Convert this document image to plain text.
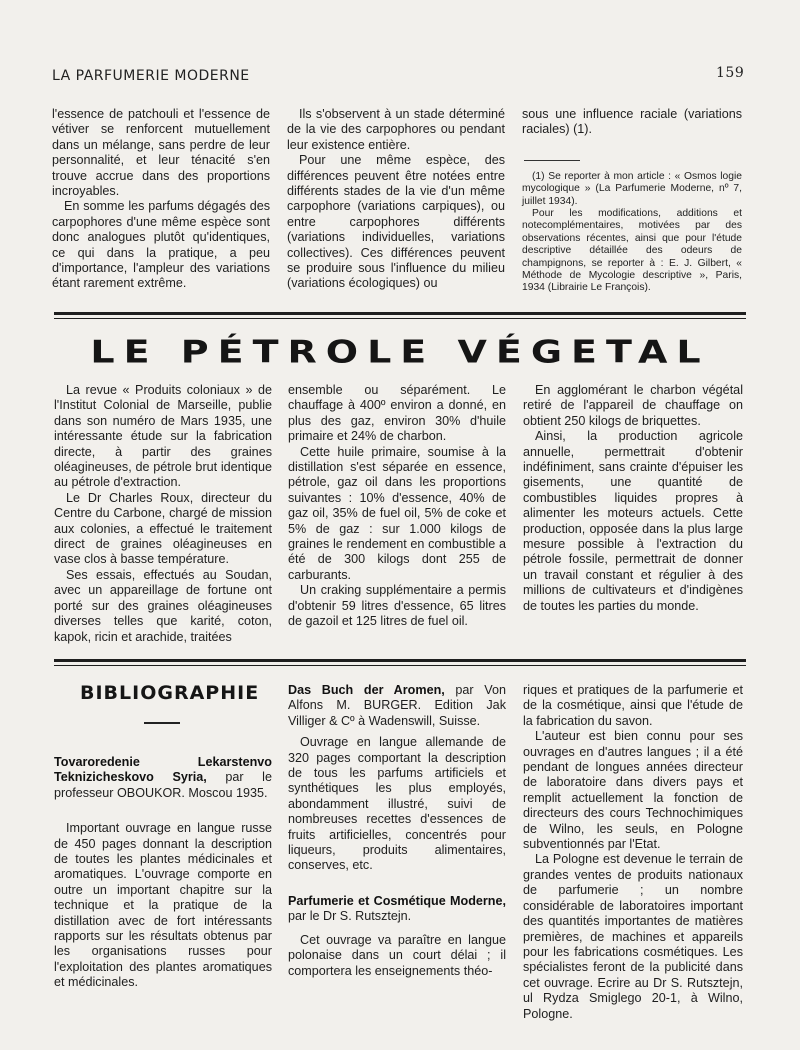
LA PARFUMERIE MODERNE	159

l'essence de patchouli et l'essence de vétiver se renforcent mutuellement dans un mélange, sans perdre de leur personnalité, et leur ténacité s'en trouve accrue dans des proportions incroyables.

En somme les parfums dégagés des carpophores d'une même espèce sont donc analogues plutôt qu'identiques, ce qui dans la pratique, a peu d'importance, l'ampleur des variations étant rarement extrême.

Ils s'observent à un stade déterminé de la vie des carpophores ou pendant leur existence entière.

Pour une même espèce, des différences peuvent être notées entre différents stades de la vie d'un même carpophore (variations carpiques), ou entre carpophores différents (variations individuelles, variations collectives). Ces différences peuvent se produire sous l'influence du milieu (variations écologiques) ou

sous une influence raciale (variations raciales) (1).

(1) Se reporter à mon article : « Osmos logie mycologique » (La Parfumerie Moderne, nº 7, juillet 1934).

Pour les modifications, additions et notecomplémentaires, motivées par des observations récentes, ainsi que pour l'étude descriptive détaillée des odeurs de champignons, se reporter à : E. J. Gilbert, « Méthode de Mycologie descriptive », Paris, 1934 (Librairie Le François).

LE PÉTROLE VÉGETAL

La revue « Produits coloniaux » de l'Institut Colonial de Marseille, publie dans son numéro de Mars 1935, une intéressante étude sur la fabrication directe, à partir des graines oléagineuses, de pétrole brut identique au pétrole d'extraction.

Le Dr Charles Roux, directeur du Centre du Carbone, chargé de mission aux colonies, a effectué le traitement direct de graines oléagineuses en vase clos à basse température.

Ses essais, effectués au Soudan, avec un appareillage de fortune ont porté sur des graines oléagineuses diverses telles que karité, coton, kapok, ricin et arachide, traitées

ensemble ou séparément. Le chauffage à 400º environ a donné, en plus des gaz, environ 30% d'huile primaire et 24% de charbon.

Cette huile primaire, soumise à la distillation s'est séparée en essence, pétrole, gaz oil dans les proportions suivantes : 10% d'essence, 40% de gaz oil, 35% de fuel oil, 5% de coke et 5% de gaz : sur 1.000 kilogs de graines le rendement en combustible a été de 300 kilogs dont 255 de carburants.

Un craking supplémentaire a permis d'obtenir 59 litres d'essence, 65 litres de gazoil et 125 litres de fuel oil.

En agglomérant le charbon végétal retiré de l'appareil de chauffage on obtient 250 kilogs de briquettes.

Ainsi, la production agricole annuelle, permettrait d'obtenir indéfiniment, sans crainte d'épuiser les gisements, une quantité de combustibles liquides propres à alimenter les moteurs actuels. Cette production, opposée dans la plus large mesure possible à l'extraction du pétrole fossile, permettrait de donner un travail constant et régulier à des millions de cultivateurs et d'indigènes de toutes les parties du monde.

BIBLIOGRAPHIE

Tovaroredenie Lekarstenvo Teknizicheskovo Syria, par le professeur OBOUKOR. Moscou 1935.

Important ouvrage en langue russe de 450 pages donnant la description de toutes les plantes médicinales et aromatiques. L'ouvrage comporte en outre un important chapitre sur la technique et la pratique de la distillation avec de fort intéressants rapports sur les résultats obtenus par les organisations russes pour l'exploitation des plantes aromatiques et médicinales.

Das Buch der Aromen, par Von Alfons M. BURGER. Edition Jak Villiger & Cº à Wadenswill, Suisse.

Ouvrage en langue allemande de 320 pages comportant la description de tous les parfums artificiels et synthétiques les plus employés, abondamment illustré, suivi de nombreuses recettes d'essences de fruits artificielles, concentrés pour liqueurs, produits alimentaires, conserves, etc.

Parfumerie et Cosmétique Moderne, par le Dr S. Rutsztejn.

Cet ouvrage va paraître en langue polonaise dans un court délai ; il comportera les enseignements théo-

riques et pratiques de la parfumerie et de la cosmétique, ainsi que l'étude de la fabrication du savon.

L'auteur est bien connu pour ses ouvrages en d'autres langues ; il a été pendant de longues années directeur de laboratoire dans divers pays et remplit actuellement la fonction de directeurs des cours Technochimiques de Wilno, les seuls, en Pologne subventionnés par l'Etat.

La Pologne est devenue le terrain de grandes ventes de produits nationaux de parfumerie ; un nombre considérable de laboratoires important des quantités importantes de matières premières, de machines et appareils pour les fabrications cosmétiques. Les spécialistes feront de la publicité dans cet ouvrage. Ecrire au Dr S. Rutsztejn, ul Rydza Smiglego 20-1, à Wilno, Pologne.
